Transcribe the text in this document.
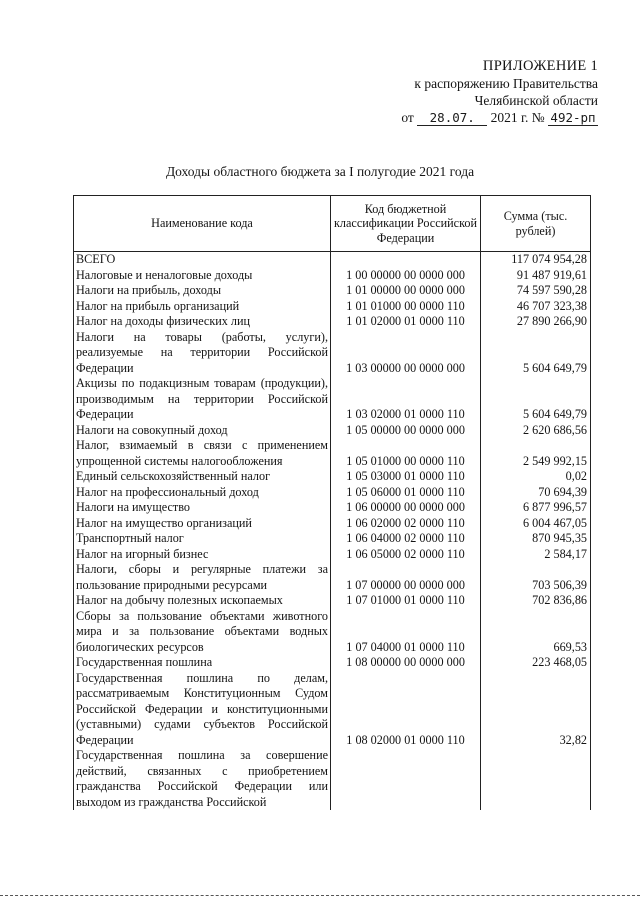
ПРИЛОЖЕНИЕ 1
к распоряжению Правительства
Челябинской области
от 28.07. 2021 г. № 492-рп
Доходы областного бюджета за I полугодие 2021 года
Наименование кода	Код бюджетной классификации Российской Федерации	Сумма (тыс. рублей)
ВСЕГО		117 074 954,28
Налоговые и неналоговые доходы	1 00 00000 00 0000 000	91 487 919,61
Налоги на прибыль, доходы	1 01 00000 00 0000 000	74 597 590,28
Налог на прибыль организаций	1 01 01000 00 0000 110	46 707 323,38
Налог на доходы физических лиц	1 01 02000 01 0000 110	27 890 266,90
Налоги на товары (работы, услуги), реализуемые на территории Российской Федерации	1 03 00000 00 0000 000	5 604 649,79
Акцизы по подакцизным товарам (продукции), производимым на территории Российской Федерации	1 03 02000 01 0000 110	5 604 649,79
Налоги на совокупный доход	1 05 00000 00 0000 000	2 620 686,56
Налог, взимаемый в связи с применением упрощенной системы налогообложения	1 05 01000 00 0000 110	2 549 992,15
Единый сельскохозяйственный налог	1 05 03000 01 0000 110	0,02
Налог на профессиональный доход	1 05 06000 01 0000 110	70 694,39
Налоги на имущество	1 06 00000 00 0000 000	6 877 996,57
Налог на имущество организаций	1 06 02000 02 0000 110	6 004 467,05
Транспортный налог	1 06 04000 02 0000 110	870 945,35
Налог на игорный бизнес	1 06 05000 02 0000 110	2 584,17
Налоги, сборы и регулярные платежи за пользование природными ресурсами	1 07 00000 00 0000 000	703 506,39
Налог на добычу полезных ископаемых	1 07 01000 01 0000 110	702 836,86
Сборы за пользование объектами животного мира и за пользование объектами водных биологических ресурсов	1 07 04000 01 0000 110	669,53
Государственная пошлина	1 08 00000 00 0000 000	223 468,05
Государственная пошлина по делам, рассматриваемым Конституционным Судом Российской Федерации и конституционными (уставными) судами субъектов Российской Федерации	1 08 02000 01 0000 110	32,82
Государственная пошлина за совершение действий, связанных с приобретением гражданства Российской Федерации или выходом из гражданства Российской		
